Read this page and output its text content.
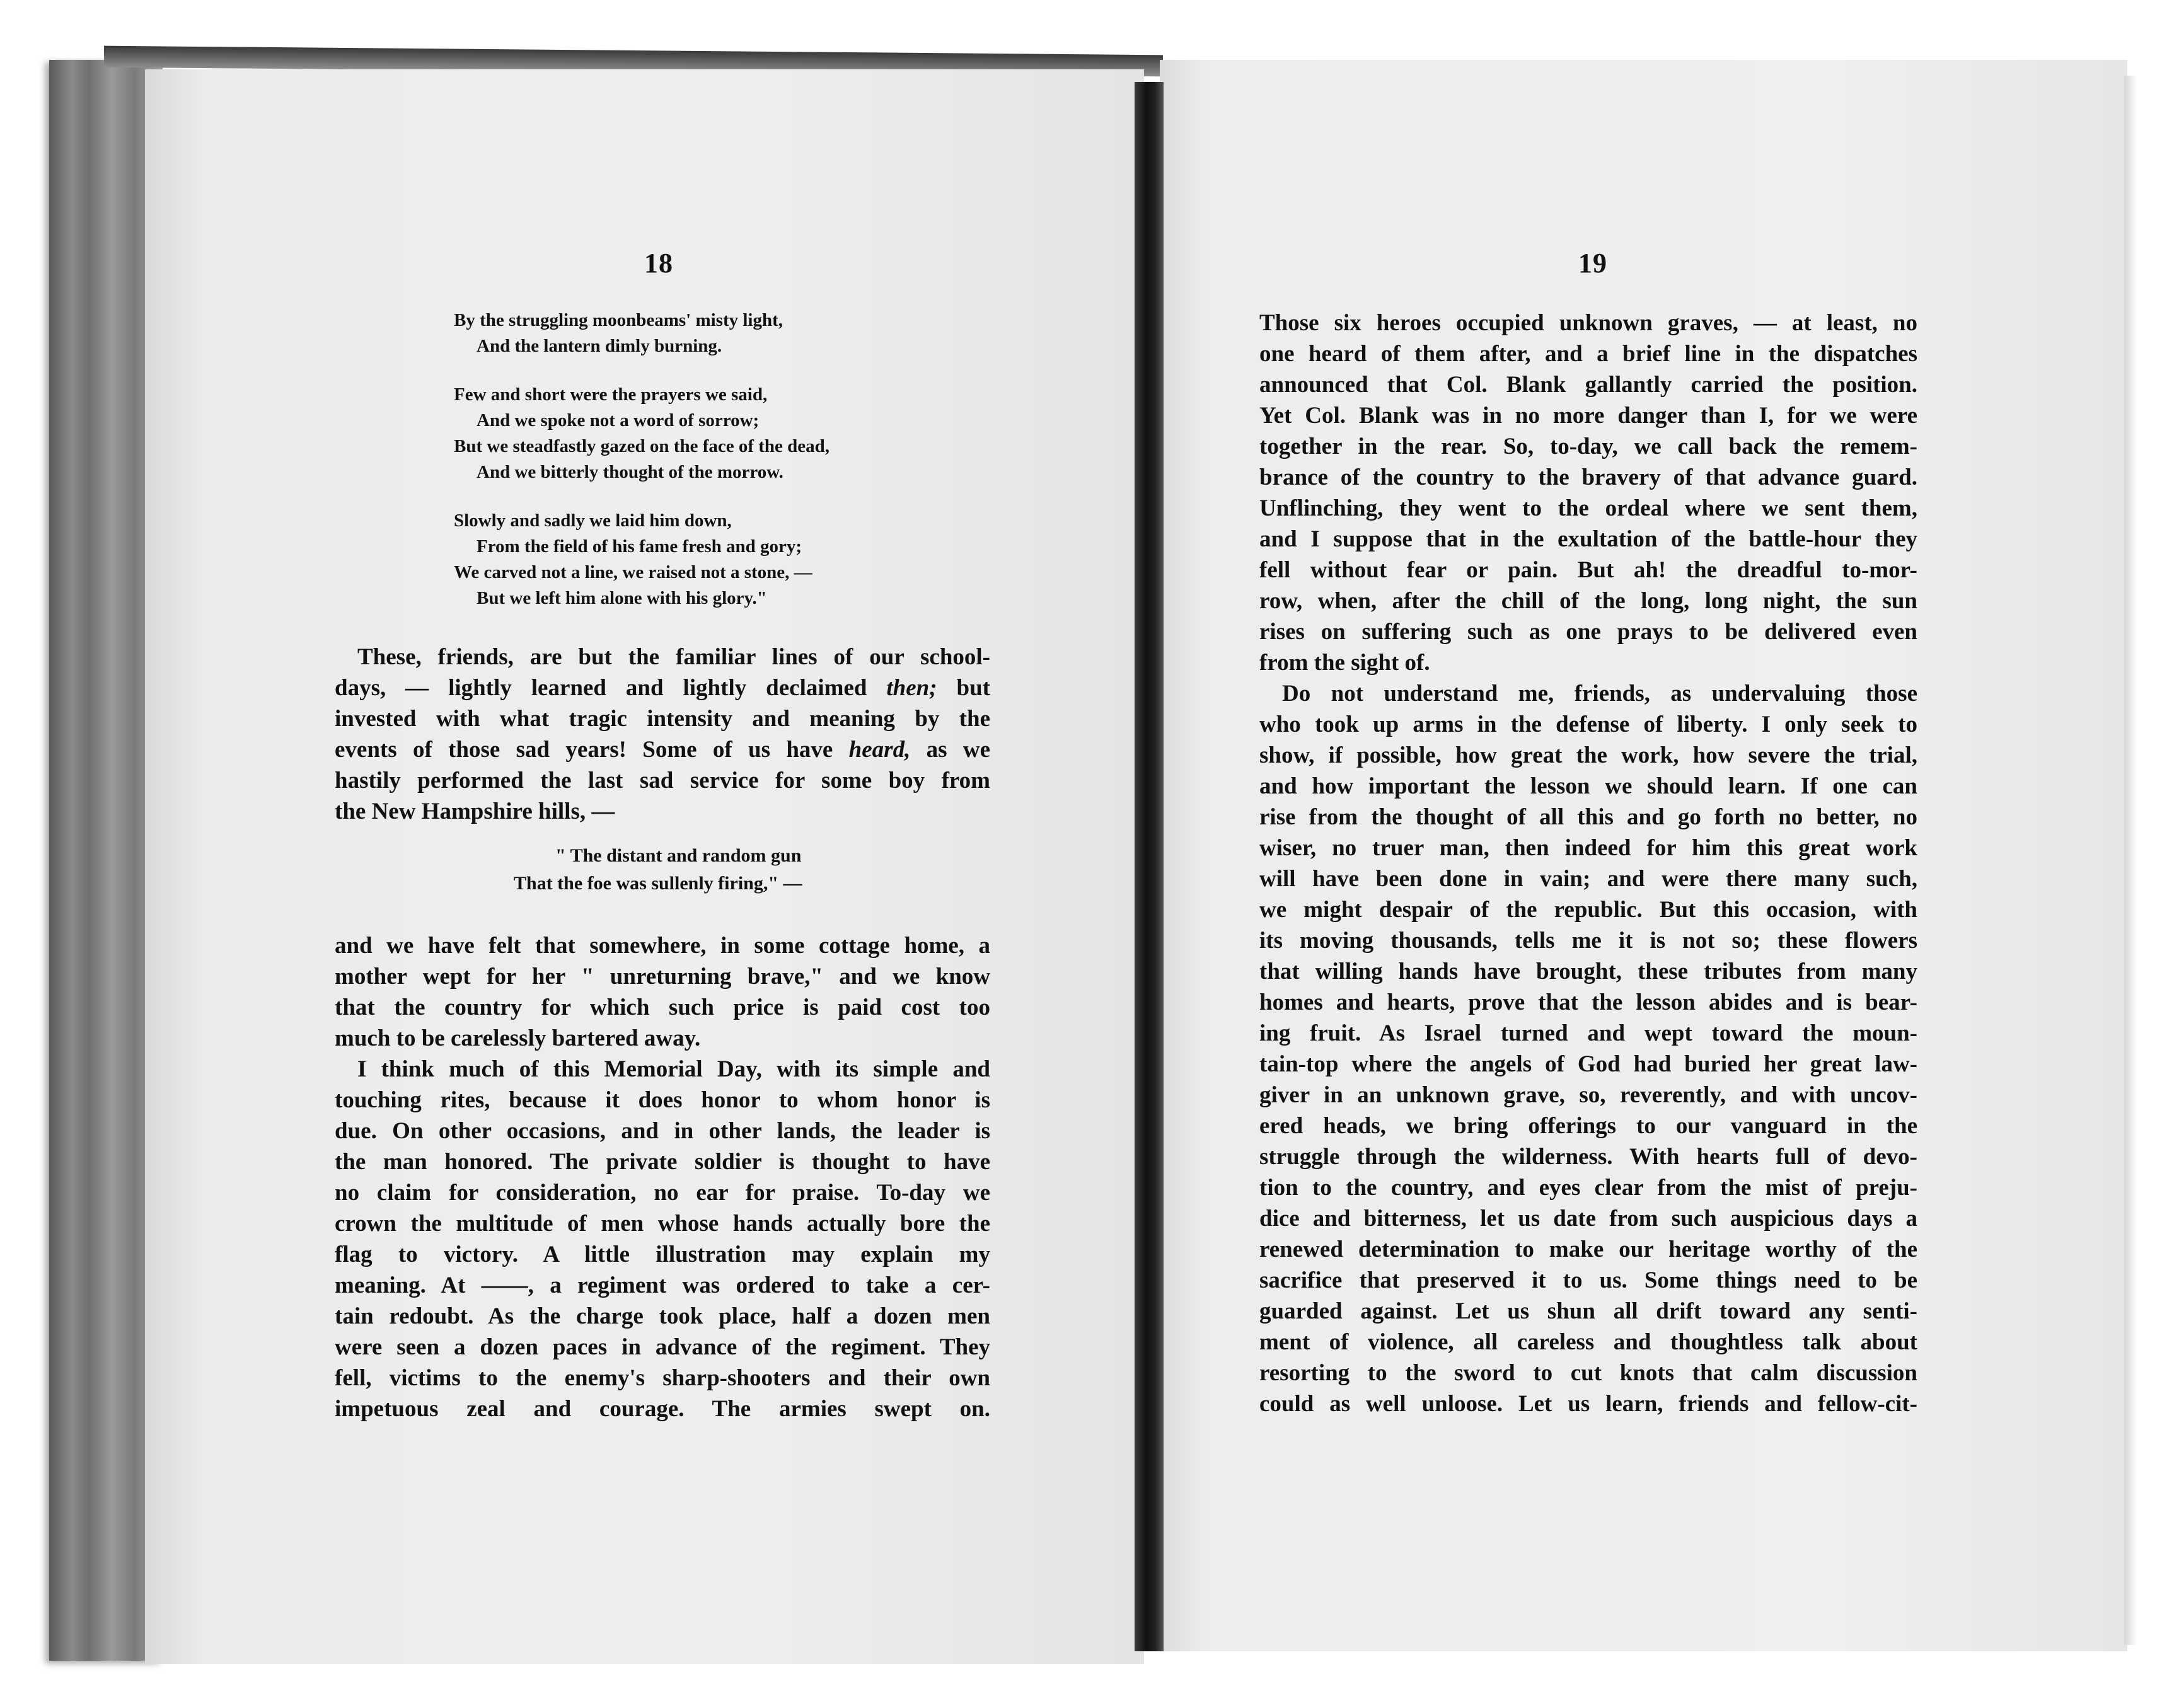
18	19
By the struggling moonbeams' misty light,
And the lantern dimly burning.
Few and short were the prayers we said,
And we spoke not a word of sorrow;
But we steadfastly gazed on the face of the dead,
And we bitterly thought of the morrow.
Slowly and sadly we laid him down,
From the field of his fame fresh and gory;
We carved not a line, we raised not a stone, —
But we left him alone with his glory."

These, friends, are but the familiar lines of our school-

days, — lightly learned and lightly declaimed then; but

invested with what tragic intensity and meaning by the

events of those sad years! Some of us have heard, as we

hastily performed the last sad service for some boy from

the New Hampshire hills, —

" The distant and random gun
That the foe was sullenly firing," —

and we have felt that somewhere, in some cottage home, a

mother wept for her " unreturning brave," and we know

that the country for which such price is paid cost too

much to be carelessly bartered away.

I think much of this Memorial Day, with its simple and

touching rites, because it does honor to whom honor is

due. On other occasions, and in other lands, the leader is

the man honored. The private soldier is thought to have

no claim for consideration, no ear for praise. To-day we

crown the multitude of men whose hands actually bore the

flag to victory. A little illustration may explain my

meaning. At ——, a regiment was ordered to take a cer-

tain redoubt. As the charge took place, half a dozen men

were seen a dozen paces in advance of the regiment. They

fell, victims to the enemy's sharp-shooters and their own

impetuous zeal and courage. The armies swept on.

Those six heroes occupied unknown graves, — at least, no

one heard of them after, and a brief line in the dispatches

announced that Col. Blank gallantly carried the position.

Yet Col. Blank was in no more danger than I, for we were

together in the rear. So, to-day, we call back the remem-

brance of the country to the bravery of that advance guard.

Unflinching, they went to the ordeal where we sent them,

and I suppose that in the exultation of the battle-hour they

fell without fear or pain. But ah! the dreadful to-mor-

row, when, after the chill of the long, long night, the sun

rises on suffering such as one prays to be delivered even

from the sight of.

Do not understand me, friends, as undervaluing those

who took up arms in the defense of liberty. I only seek to

show, if possible, how great the work, how severe the trial,

and how important the lesson we should learn. If one can

rise from the thought of all this and go forth no better, no

wiser, no truer man, then indeed for him this great work

will have been done in vain; and were there many such,

we might despair of the republic. But this occasion, with

its moving thousands, tells me it is not so; these flowers

that willing hands have brought, these tributes from many

homes and hearts, prove that the lesson abides and is bear-

ing fruit. As Israel turned and wept toward the moun-

tain-top where the angels of God had buried her great law-

giver in an unknown grave, so, reverently, and with uncov-

ered heads, we bring offerings to our vanguard in the

struggle through the wilderness. With hearts full of devo-

tion to the country, and eyes clear from the mist of preju-

dice and bitterness, let us date from such auspicious days a

renewed determination to make our heritage worthy of the

sacrifice that preserved it to us. Some things need to be

guarded against. Let us shun all drift toward any senti-

ment of violence, all careless and thoughtless talk about

resorting to the sword to cut knots that calm discussion

could as well unloose. Let us learn, friends and fellow-cit-
